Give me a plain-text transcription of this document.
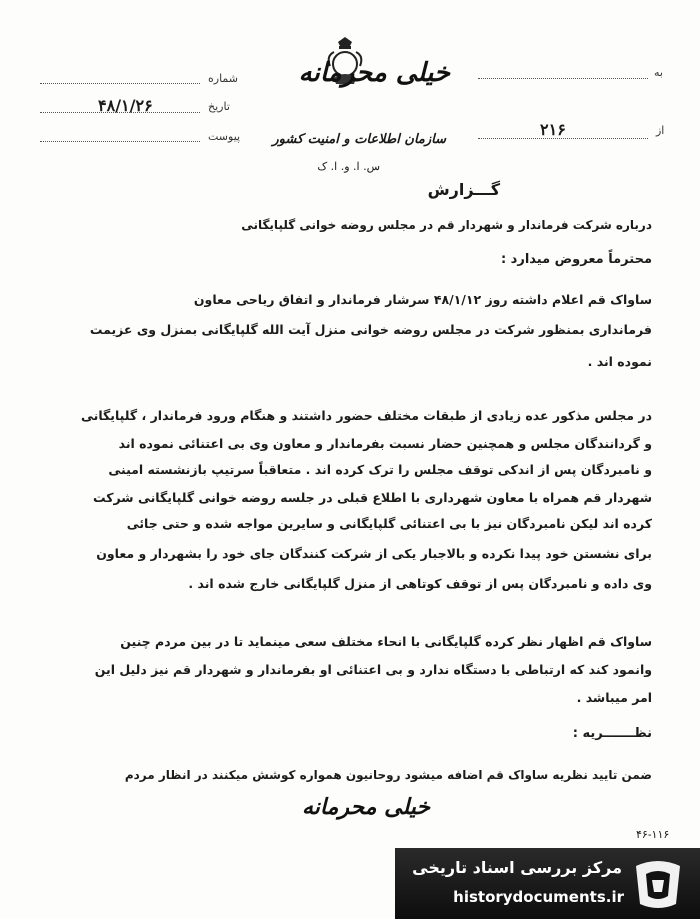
به
از
۲۱۶
شماره
تاریخ
۴۸/۱/۲۶
پیوست
خیلی محرمانه
سازمان اطلاعات و امنیت کشور
س. ا. و. ا. ک
گـــزارش
درباره شرکت فرماندار و شهردار قم در مجلس روضه خوانی گلپایگانی
محترماً معروض میدارد :
ساواک قم اعلام داشته روز ۴۸/۱/۱۲ سرشار فرماندار و اتفاق ریاحی معاون
فرمانداری بمنظور شرکت در مجلس روضه خوانی منزل آیت الله گلپایگانی بمنزل وی عزیمت
نموده اند .
در مجلس مذکور عده زیادی از طبقات مختلف حضور داشتند و هنگام ورود فرماندار ، گلپایگانی
و گردانندگان مجلس و همچنین حضار نسبت بفرماندار و معاون وی بی اعتنائی نموده اند
و نامبردگان پس از اندکی توقف مجلس را ترک کرده اند . متعاقباً سرتیپ بازنشسته امینی
شهردار قم همراه با معاون شهرداری با اطلاع قبلی در جلسه روضه خوانی گلپایگانی شرکت
کرده اند لیکن نامبردگان نیز با بی اعتنائی گلپایگانی و سایرین مواجه شده و حتی جائی
برای نشستن خود پیدا نکرده و بالاجبار یکی از شرکت کنندگان جای خود را بشهردار و معاون
وی داده و نامبردگان پس از توقف کوتاهی از منزل گلپایگانی خارج شده اند .
ساواک قم اظهار نظر کرده گلپایگانی با انحاء مختلف سعی مینماید تا در بین مردم چنین
وانمود کند که ارتباطی با دستگاه ندارد و بی اعتنائی او بفرماندار و شهردار قم نیز دلیل این
امر میباشد .
نظـــــــریه :
ضمن تایید نظریه ساواک قم اضافه میشود روحانیون همواره کوشش میکنند در انظار مردم
خیلی محرمانه
۴۶-۱۱۶
مرکز بررسی اسناد تاریخی
historydocuments.ir
